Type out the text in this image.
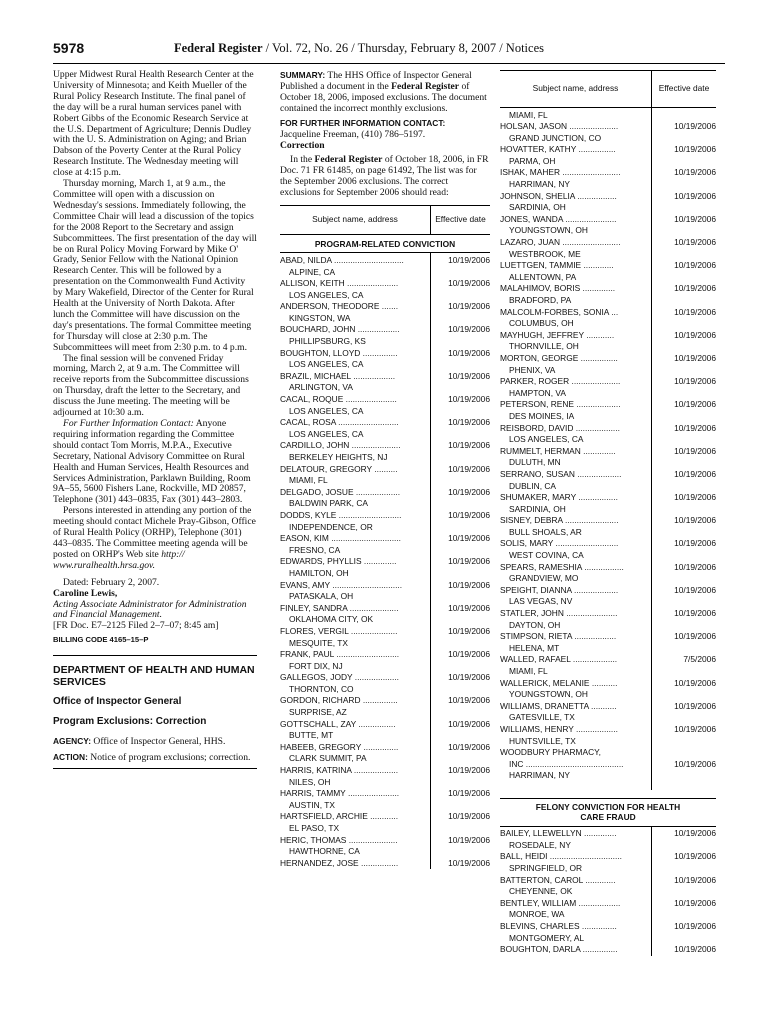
5978	Federal Register / Vol. 72, No. 26 / Thursday, February 8, 2007 / Notices

Upper Midwest Rural Health Research Center at the University of Minnesota; and Keith Mueller of the Rural Policy Research Institute. The final panel of the day will be a rural human services panel with Robert Gibbs of the Economic Research Service at the U.S. Department of Agriculture; Dennis Dudley with the U. S. Administration on Aging; and Brian Dabson of the Poverty Center at the Rural Policy Research Institute. The Wednesday meeting will close at 4:15 p.m.

Thursday morning, March 1, at 9 a.m., the Committee will open with a discussion on Wednesday's sessions. Immediately following, the Committee Chair will lead a discussion of the topics for the 2008 Report to the Secretary and assign Subcommittees. The first presentation of the day will be on Rural Policy Moving Forward by Mike O' Grady, Senior Fellow with the National Opinion Research Center. This will be followed by a presentation on the Commonwealth Fund Activity by Mary Wakefield, Director of the Center for Rural Health at the University of North Dakota. After lunch the Committee will have discussion on the day's presentations. The formal Committee meeting for Thursday will close at 2:30 p.m. The Subcommittees will meet from 2:30 p.m. to 4 p.m.

The final session will be convened Friday morning, March 2, at 9 a.m. The Committee will receive reports from the Subcommittee discussions on Thursday, draft the letter to the Secretary, and discuss the June meeting. The meeting will be adjourned at 10:30 a.m.

For Further Information Contact: Anyone requiring information regarding the Committee should contact Tom Morris, M.P.A., Executive Secretary, National Advisory Committee on Rural Health and Human Services, Health Resources and Services Administration, Parklawn Building, Room 9A–55, 5600 Fishers Lane, Rockville, MD 20857, Telephone (301) 443–0835, Fax (301) 443–2803.

Persons interested in attending any portion of the meeting should contact Michele Pray-Gibson, Office of Rural Health Policy (ORHP), Telephone (301) 443–0835. The Committee meeting agenda will be posted on ORHP's Web site http:// www.ruralhealth.hrsa.gov.

Dated: February 2, 2007.

Caroline Lewis,

Acting Associate Administrator for Administration and Financial Management.

[FR Doc. E7–2125 Filed 2–7–07; 8:45 am]

BILLING CODE 4165–15–P

DEPARTMENT OF HEALTH AND HUMAN SERVICES

Office of Inspector General

Program Exclusions: Correction

AGENCY: Office of Inspector General, HHS.

ACTION: Notice of program exclusions; correction.

SUMMARY: The HHS Office of Inspector General Published a document in the Federal Register of October 18, 2006, imposed exclusions. The document contained the incorrect monthly exclusions.

FOR FURTHER INFORMATION CONTACT:

Jacqueline Freeman, (410) 786–5197.

Correction

In the Federal Register of October 18, 2006, in FR Doc. 71 FR 61485, on page 61492, The list was for the September 2006 exclusions. The correct exclusions for September 2006 should read:

Subject name, address	Effective date
PROGRAM-RELATED CONVICTION	

ABAD, NILDA ..............................	10/19/2006
ALPINE, CA	
ALLISON, KEITH ......................	10/19/2006
LOS ANGELES, CA	
ANDERSON, THEODORE .......	10/19/2006
KINGSTON, WA	
BOUCHARD, JOHN ..................	10/19/2006
PHILLIPSBURG, KS	
BOUGHTON, LLOYD ...............	10/19/2006
LOS ANGELES, CA	
BRAZIL, MICHAEL ..................	10/19/2006
ARLINGTON, VA	
CACAL, ROQUE ......................	10/19/2006
LOS ANGELES, CA	
CACAL, ROSA ..........................	10/19/2006
LOS ANGELES, CA	
CARDILLO, JOHN .....................	10/19/2006
BERKELEY HEIGHTS, NJ	
DELATOUR, GREGORY ..........	10/19/2006
MIAMI, FL	
DELGADO, JOSUE ...................	10/19/2006
BALDWIN PARK, CA	
DODDS, KYLE ...........................	10/19/2006
INDEPENDENCE, OR	
EASON, KIM ..............................	10/19/2006
FRESNO, CA	
EDWARDS, PHYLLIS ..............	10/19/2006
HAMILTON, OH	
EVANS, AMY ..............................	10/19/2006
PATASKALA, OH	
FINLEY, SANDRA .....................	10/19/2006
OKLAHOMA CITY, OK	
FLORES, VERGIL ....................	10/19/2006
MESQUITE, TX	
FRANK, PAUL ...........................	10/19/2006
FORT DIX, NJ	
GALLEGOS, JODY ...................	10/19/2006
THORNTON, CO	
GORDON, RICHARD ...............	10/19/2006
SURPRISE, AZ	
GOTTSCHALL, ZAY ................	10/19/2006
BUTTE, MT	
HABEEB, GREGORY ...............	10/19/2006
CLARK SUMMIT, PA	
HARRIS, KATRINA ...................	10/19/2006
NILES, OH	
HARRIS, TAMMY ......................	10/19/2006
AUSTIN, TX	
HARTSFIELD, ARCHIE ............	10/19/2006
EL PASO, TX	
HERIC, THOMAS .....................	10/19/2006
HAWTHORNE, CA	
HERNANDEZ, JOSE ................	10/19/2006
Subject name, address	Effective date

MIAMI, FL	
HOLSAN, JASON .....................	10/19/2006
GRAND JUNCTION, CO	
HOVATTER, KATHY ................	10/19/2006
PARMA, OH	
ISHAK, MAHER .........................	10/19/2006
HARRIMAN, NY	
JOHNSON, SHELIA .................	10/19/2006
SARDINIA, OH	
JONES, WANDA ......................	10/19/2006
YOUNGSTOWN, OH	
LAZARO, JUAN .........................	10/19/2006
WESTBROOK, ME	
LUETTGEN, TAMMIE .............	10/19/2006
ALLENTOWN, PA	
MALAHIMOV, BORIS ..............	10/19/2006
BRADFORD, PA	
MALCOLM-FORBES, SONIA ...	10/19/2006
COLUMBUS, OH	
MAYHUGH, JEFFREY ............	10/19/2006
THORNVILLE, OH	
MORTON, GEORGE ................	10/19/2006
PHENIX, VA	
PARKER, ROGER .....................	10/19/2006
HAMPTON, VA	
PETERSON, RENE ...................	10/19/2006
DES MOINES, IA	
REISBORD, DAVID ...................	10/19/2006
LOS ANGELES, CA	
RUMMELT, HERMAN ..............	10/19/2006
DULUTH, MN	
SERRANO, SUSAN ...................	10/19/2006
DUBLIN, CA	
SHUMAKER, MARY .................	10/19/2006
SARDINIA, OH	
SISNEY, DEBRA .......................	10/19/2006
BULL SHOALS, AR	
SOLIS, MARY ...........................	10/19/2006
WEST COVINA, CA	
SPEARS, RAMESHIA .................	10/19/2006
GRANDVIEW, MO	
SPEIGHT, DIANNA ...................	10/19/2006
LAS VEGAS, NV	
STATLER, JOHN ......................	10/19/2006
DAYTON, OH	
STIMPSON, RIETA ..................	10/19/2006
HELENA, MT	
WALLED, RAFAEL ...................	7/5/2006
MIAMI, FL	
WALLERICK, MELANIE ...........	10/19/2006
YOUNGSTOWN, OH	
WILLIAMS, DRANETTA ...........	10/19/2006
GATESVILLE, TX	
WILLIAMS, HENRY ..................	10/19/2006
HUNTSVILLE, TX	
WOODBURY PHARMACY,	
INC ..........................................	10/19/2006
HARRIMAN, NY	

FELONY CONVICTION FOR HEALTH CARE FRAUD	

BAILEY, LLEWELLYN ..............	10/19/2006
ROSEDALE, NY	
BALL, HEIDI ...............................	10/19/2006
SPRINGFIELD, OR	
BATTERTON, CAROL .............	10/19/2006
CHEYENNE, OK	
BENTLEY, WILLIAM ..................	10/19/2006
MONROE, WA	
BLEVINS, CHARLES ...............	10/19/2006
MONTGOMERY, AL	
BOUGHTON, DARLA ...............	10/19/2006
